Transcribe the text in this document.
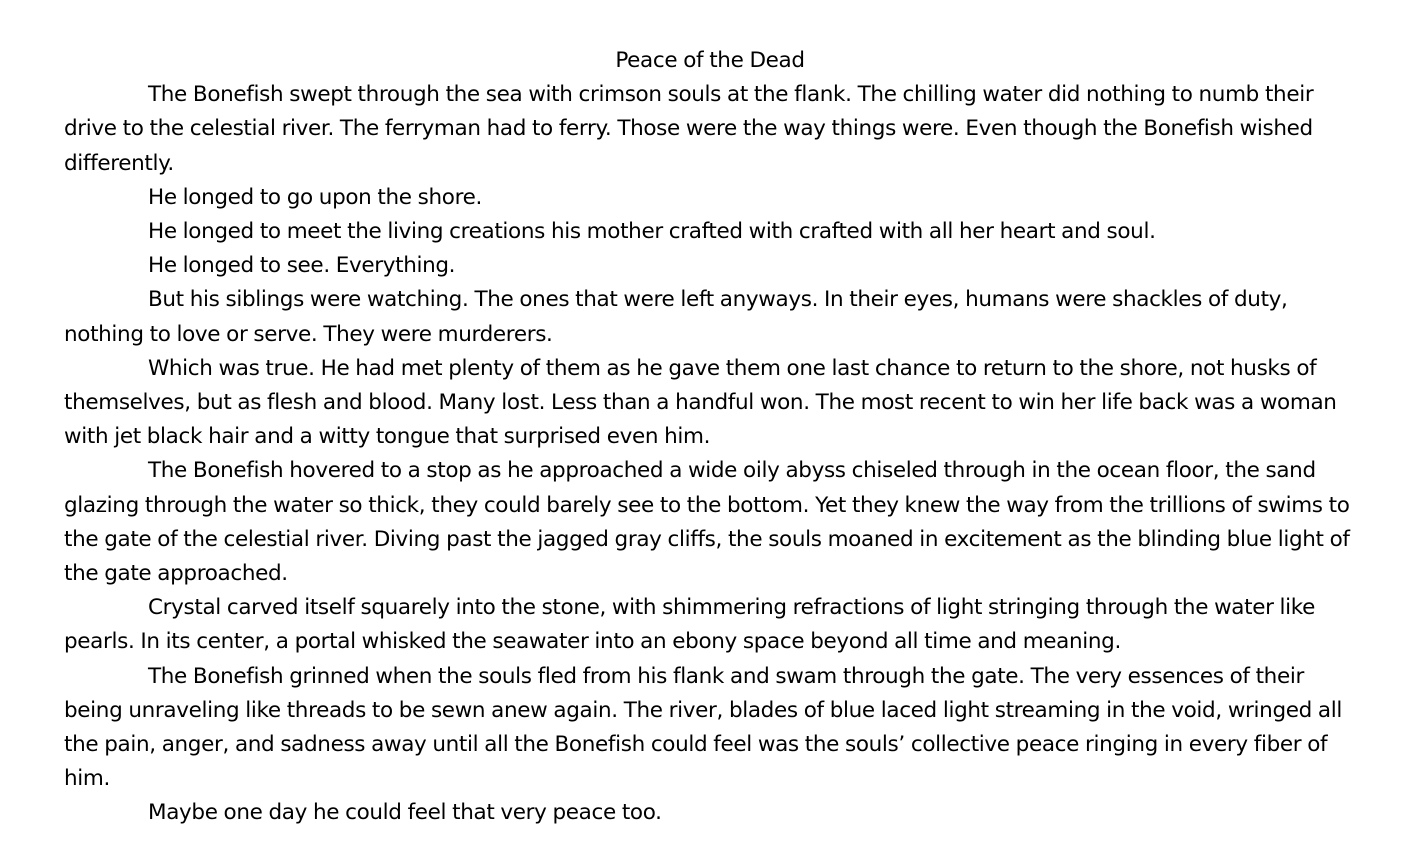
Peace of the Dead

The Bonefish swept through the sea with crimson souls at the flank. The chilling water did nothing to numb their drive to the celestial river. The ferryman had to ferry. Those were the way things were. Even though the Bonefish wished differently.

He longed to go upon the shore.

He longed to meet the living creations his mother crafted with crafted with all her heart and soul.

He longed to see. Everything.

But his siblings were watching. The ones that were left anyways. In their eyes, humans were shackles of duty, nothing to love or serve. They were murderers.

Which was true. He had met plenty of them as he gave them one last chance to return to the shore, not husks of themselves, but as flesh and blood. Many lost. Less than a handful won. The most recent to win her life back was a woman with jet black hair and a witty tongue that surprised even him.

The Bonefish hovered to a stop as he approached a wide oily abyss chiseled through in the ocean floor, the sand glazing through the water so thick, they could barely see to the bottom. Yet they knew the way from the trillions of swims to the gate of the celestial river. Diving past the jagged gray cliffs, the souls moaned in excitement as the blinding blue light of the gate approached.

Crystal carved itself squarely into the stone, with shimmering refractions of light stringing through the water like pearls. In its center, a portal whisked the seawater into an ebony space beyond all time and meaning.

The Bonefish grinned when the souls fled from his flank and swam through the gate. The very essences of their being unraveling like threads to be sewn anew again. The river, blades of blue laced light streaming in the void, wringed all the pain, anger, and sadness away until all the Bonefish could feel was the souls’ collective peace ringing in every fiber of him.

Maybe one day he could feel that very peace too.
